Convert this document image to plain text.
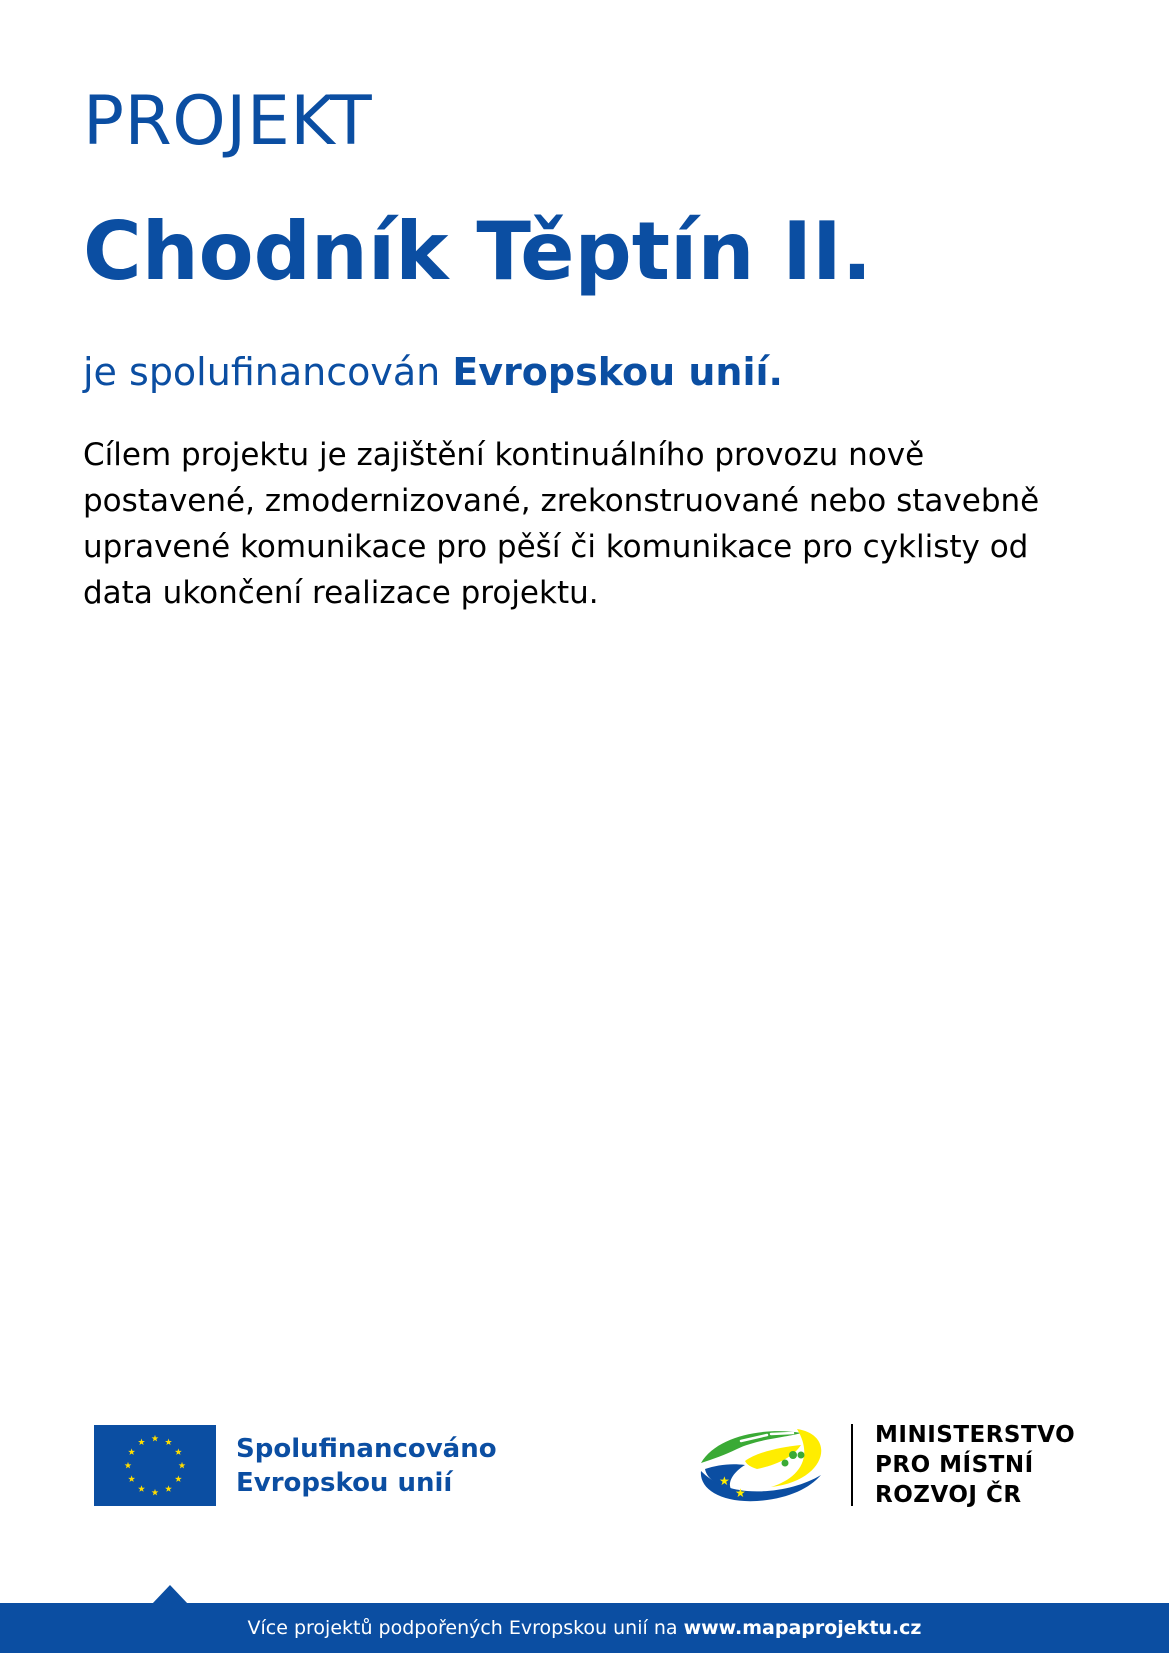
PROJEKT
Chodník Těptín II.

je spolufinancován Evropskou unií.

Cílem projektu je zajištění kontinuálního provozu nově
postavené, zmodernizované, zrekonstruované nebo stavebně
upravené komunikace pro pěší či komunikace pro cyklisty od
data ukončení realizace projektu.
Spolufinancováno
Evropskou unií	★
★
MINISTERSTVO
PRO MÍSTNÍ
ROZVOJ ČR
Více projektů podpořených Evropskou unií na www.mapaprojektu.cz
